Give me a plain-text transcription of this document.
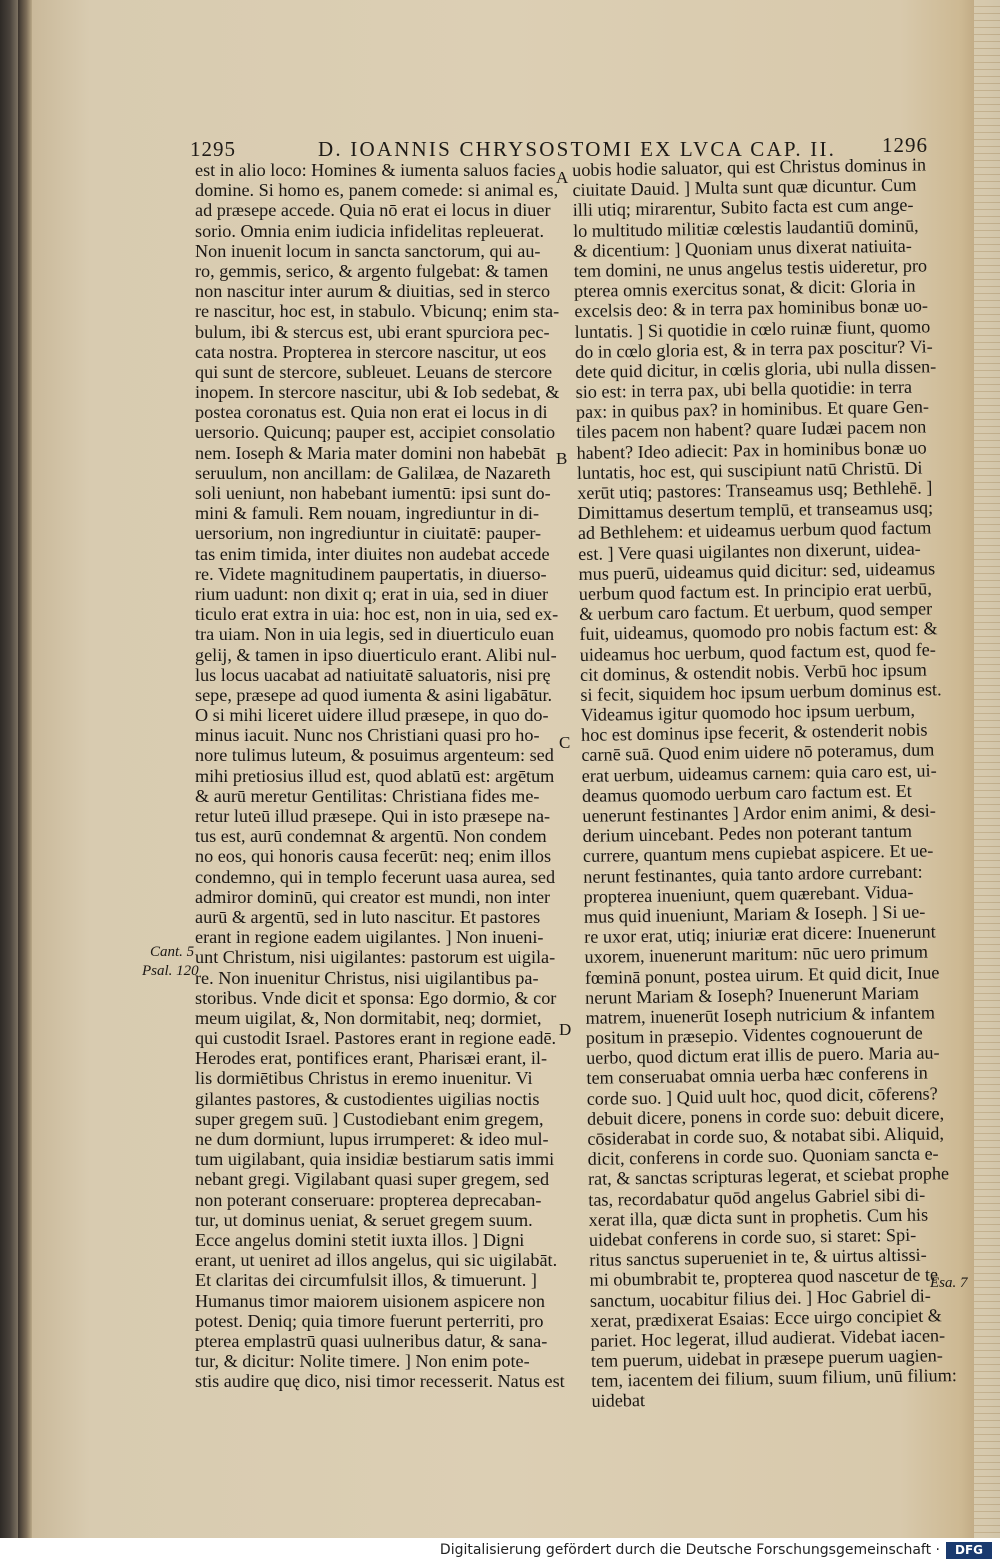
1295	D. IOANNIS CHRYSOSTOMI EX LVCA CAP. II. 1296
est in alio loco: Homines & iumenta saluos facies
domine. Si homo es, panem comede: si animal es,
ad præsepe accede. Quia nō erat ei locus in diuer
sorio. Omnia enim iudicia infidelitas repleuerat.
Non inuenit locum in sancta sanctorum, qui au-
ro, gemmis, serico, & argento fulgebat: & tamen
non nascitur inter aurum & diuitias, sed in sterco
re nascitur, hoc est, in stabulo. Vbicunq; enim sta-
bulum, ibi & stercus est, ubi erant spurciora pec-
cata nostra. Propterea in stercore nascitur, ut eos
qui sunt de stercore, subleuet. Leuans de stercore
inopem. In stercore nascitur, ubi & Iob sedebat, &
postea coronatus est. Quia non erat ei locus in di
uersorio. Quicunq; pauper est, accipiet consolatio
nem. Ioseph & Maria mater domini non habebāt
seruulum, non ancillam: de Galilæa, de Nazareth
soli ueniunt, non habebant iumentū: ipsi sunt do-
mini & famuli. Rem nouam, ingrediuntur in di-
uersorium, non ingrediuntur in ciuitatē: pauper-
tas enim timida, inter diuites non audebat accede
re. Videte magnitudinem paupertatis, in diuerso-
rium uadunt: non dixit q; erat in uia, sed in diuer
ticulo erat extra in uia: hoc est, non in uia, sed ex-
tra uiam. Non in uia legis, sed in diuerticulo euan
gelij, & tamen in ipso diuerticulo erant. Alibi nul-
lus locus uacabat ad natiuitatē saluatoris, nisi prę
sepe, præsepe ad quod iumenta & asini ligabātur.
O si mihi liceret uidere illud præsepe, in quo do-
minus iacuit. Nunc nos Christiani quasi pro ho-
nore tulimus luteum, & posuimus argenteum: sed
mihi pretiosius illud est, quod ablatū est: argētum
& aurū meretur Gentilitas: Christiana fides me-
retur luteū illud præsepe. Qui in isto præsepe na-
tus est, aurū condemnat & argentū. Non condem
no eos, qui honoris causa fecerūt: neq; enim illos
condemno, qui in templo fecerunt uasa aurea, sed
admiror dominū, qui creator est mundi, non inter
aurū & argentū, sed in luto nascitur. Et pastores
erant in regione eadem uigilantes. ] Non inueni-
unt Christum, nisi uigilantes: pastorum est uigila-
re. Non inuenitur Christus, nisi uigilantibus pa-
storibus. Vnde dicit et sponsa: Ego dormio, & cor
meum uigilat, &, Non dormitabit, neq; dormiet,
qui custodit Israel. Pastores erant in regione eadē.
Herodes erat, pontifices erant, Pharisæi erant, il-
lis dormiētibus Christus in eremo inuenitur. Vi
gilantes pastores, & custodientes uigilias noctis
super gregem suū. ] Custodiebant enim gregem,
ne dum dormiunt, lupus irrumperet: & ideo mul-
tum uigilabant, quia insidiæ bestiarum satis immi
nebant gregi. Vigilabant quasi super gregem, sed
non poterant conseruare: propterea deprecaban-
tur, ut dominus ueniat, & seruet gregem suum.
Ecce angelus domini stetit iuxta illos. ] Digni
erant, ut ueniret ad illos angelus, qui sic uigilabāt.
Et claritas dei circumfulsit illos, & timuerunt. ]
Humanus timor maiorem uisionem aspicere non
potest. Deniq; quia timore fuerunt perterriti, pro
pterea emplastrū quasi uulneribus datur, & sana-
tur, & dicitur: Nolite timere. ] Non enim pote-
stis audire quę dico, nisi timor recesserit. Natus est
uobis hodie saluator, qui est Christus dominus in
ciuitate Dauid. ] Multa sunt quæ dicuntur. Cum
illi utiq; mirarentur, Subito facta est cum ange-
lo multitudo militiæ cœlestis laudantiū dominū,
& dicentium: ] Quoniam unus dixerat natiuita-
tem domini, ne unus angelus testis uideretur, pro
pterea omnis exercitus sonat, & dicit: Gloria in
excelsis deo: & in terra pax hominibus bonæ uo-
luntatis. ] Si quotidie in cœlo ruinæ fiunt, quomo
do in cœlo gloria est, & in terra pax poscitur? Vi-
dete quid dicitur, in cœlis gloria, ubi nulla dissen-
sio est: in terra pax, ubi bella quotidie: in terra
pax: in quibus pax? in hominibus. Et quare Gen-
tiles pacem non habent? quare Iudæi pacem non
habent? Ideo adiecit: Pax in hominibus bonæ uo
luntatis, hoc est, qui suscipiunt natū Christū. Di
xerūt utiq; pastores: Transeamus usq; Bethlehē. ]
Dimittamus desertum templū, et transeamus usq;
ad Bethlehem: et uideamus uerbum quod factum
est. ] Vere quasi uigilantes non dixerunt, uidea-
mus puerū, uideamus quid dicitur: sed, uideamus
uerbum quod factum est. In principio erat uerbū,
& uerbum caro factum. Et uerbum, quod semper
fuit, uideamus, quomodo pro nobis factum est: &
uideamus hoc uerbum, quod factum est, quod fe-
cit dominus, & ostendit nobis. Verbū hoc ipsum
si fecit, siquidem hoc ipsum uerbum dominus est.
Videamus igitur quomodo hoc ipsum uerbum,
hoc est dominus ipse fecerit, & ostenderit nobis
carnē suā. Quod enim uidere nō poteramus, dum
erat uerbum, uideamus carnem: quia caro est, ui-
deamus quomodo uerbum caro factum est. Et
uenerunt festinantes ] Ardor enim animi, & desi-
derium uincebant. Pedes non poterant tantum
currere, quantum mens cupiebat aspicere. Et ue-
nerunt festinantes, quia tanto ardore currebant:
propterea inueniunt, quem quærebant. Vidua-
mus quid inueniunt, Mariam & Ioseph. ] Si ue-
re uxor erat, utiq; iniuriæ erat dicere: Inuenerunt
uxorem, inuenerunt maritum: nūc uero primum
fœminā ponunt, postea uirum. Et quid dicit, Inue
nerunt Mariam & Ioseph? Inuenerunt Mariam
matrem, inuenerūt Ioseph nutricium & infantem
positum in præsepio. Videntes cognouerunt de
uerbo, quod dictum erat illis de puero. Maria au-
tem conseruabat omnia uerba hæc conferens in
corde suo. ] Quid uult hoc, quod dicit, cōferens?
debuit dicere, ponens in corde suo: debuit dicere,
cōsiderabat in corde suo, & notabat sibi. Aliquid,
dicit, conferens in corde suo. Quoniam sancta e-
rat, & sanctas scripturas legerat, et sciebat prophe
tas, recordabatur quōd angelus Gabriel sibi di-
xerat illa, quæ dicta sunt in prophetis. Cum his
uidebat conferens in corde suo, si staret: Spi-
ritus sanctus superueniet in te, & uirtus altissi-
mi obumbrabit te, propterea quod nascetur de te
sanctum, uocabitur filius dei. ] Hoc Gabriel di-
xerat, prædixerat Esaias: Ecce uirgo concipiet &
pariet. Hoc legerat, illud audierat. Videbat iacen-
tem puerum, uidebat in præsepe puerum uagien-
tem, iacentem dei filium, suum filium, unū filium:
uidebat
A
B
C
D
Cant. 5
Psal. 120
Esa. 7
Digitalisierung gefördert durch die Deutsche Forschungsgemeinschaft ·	DFG
